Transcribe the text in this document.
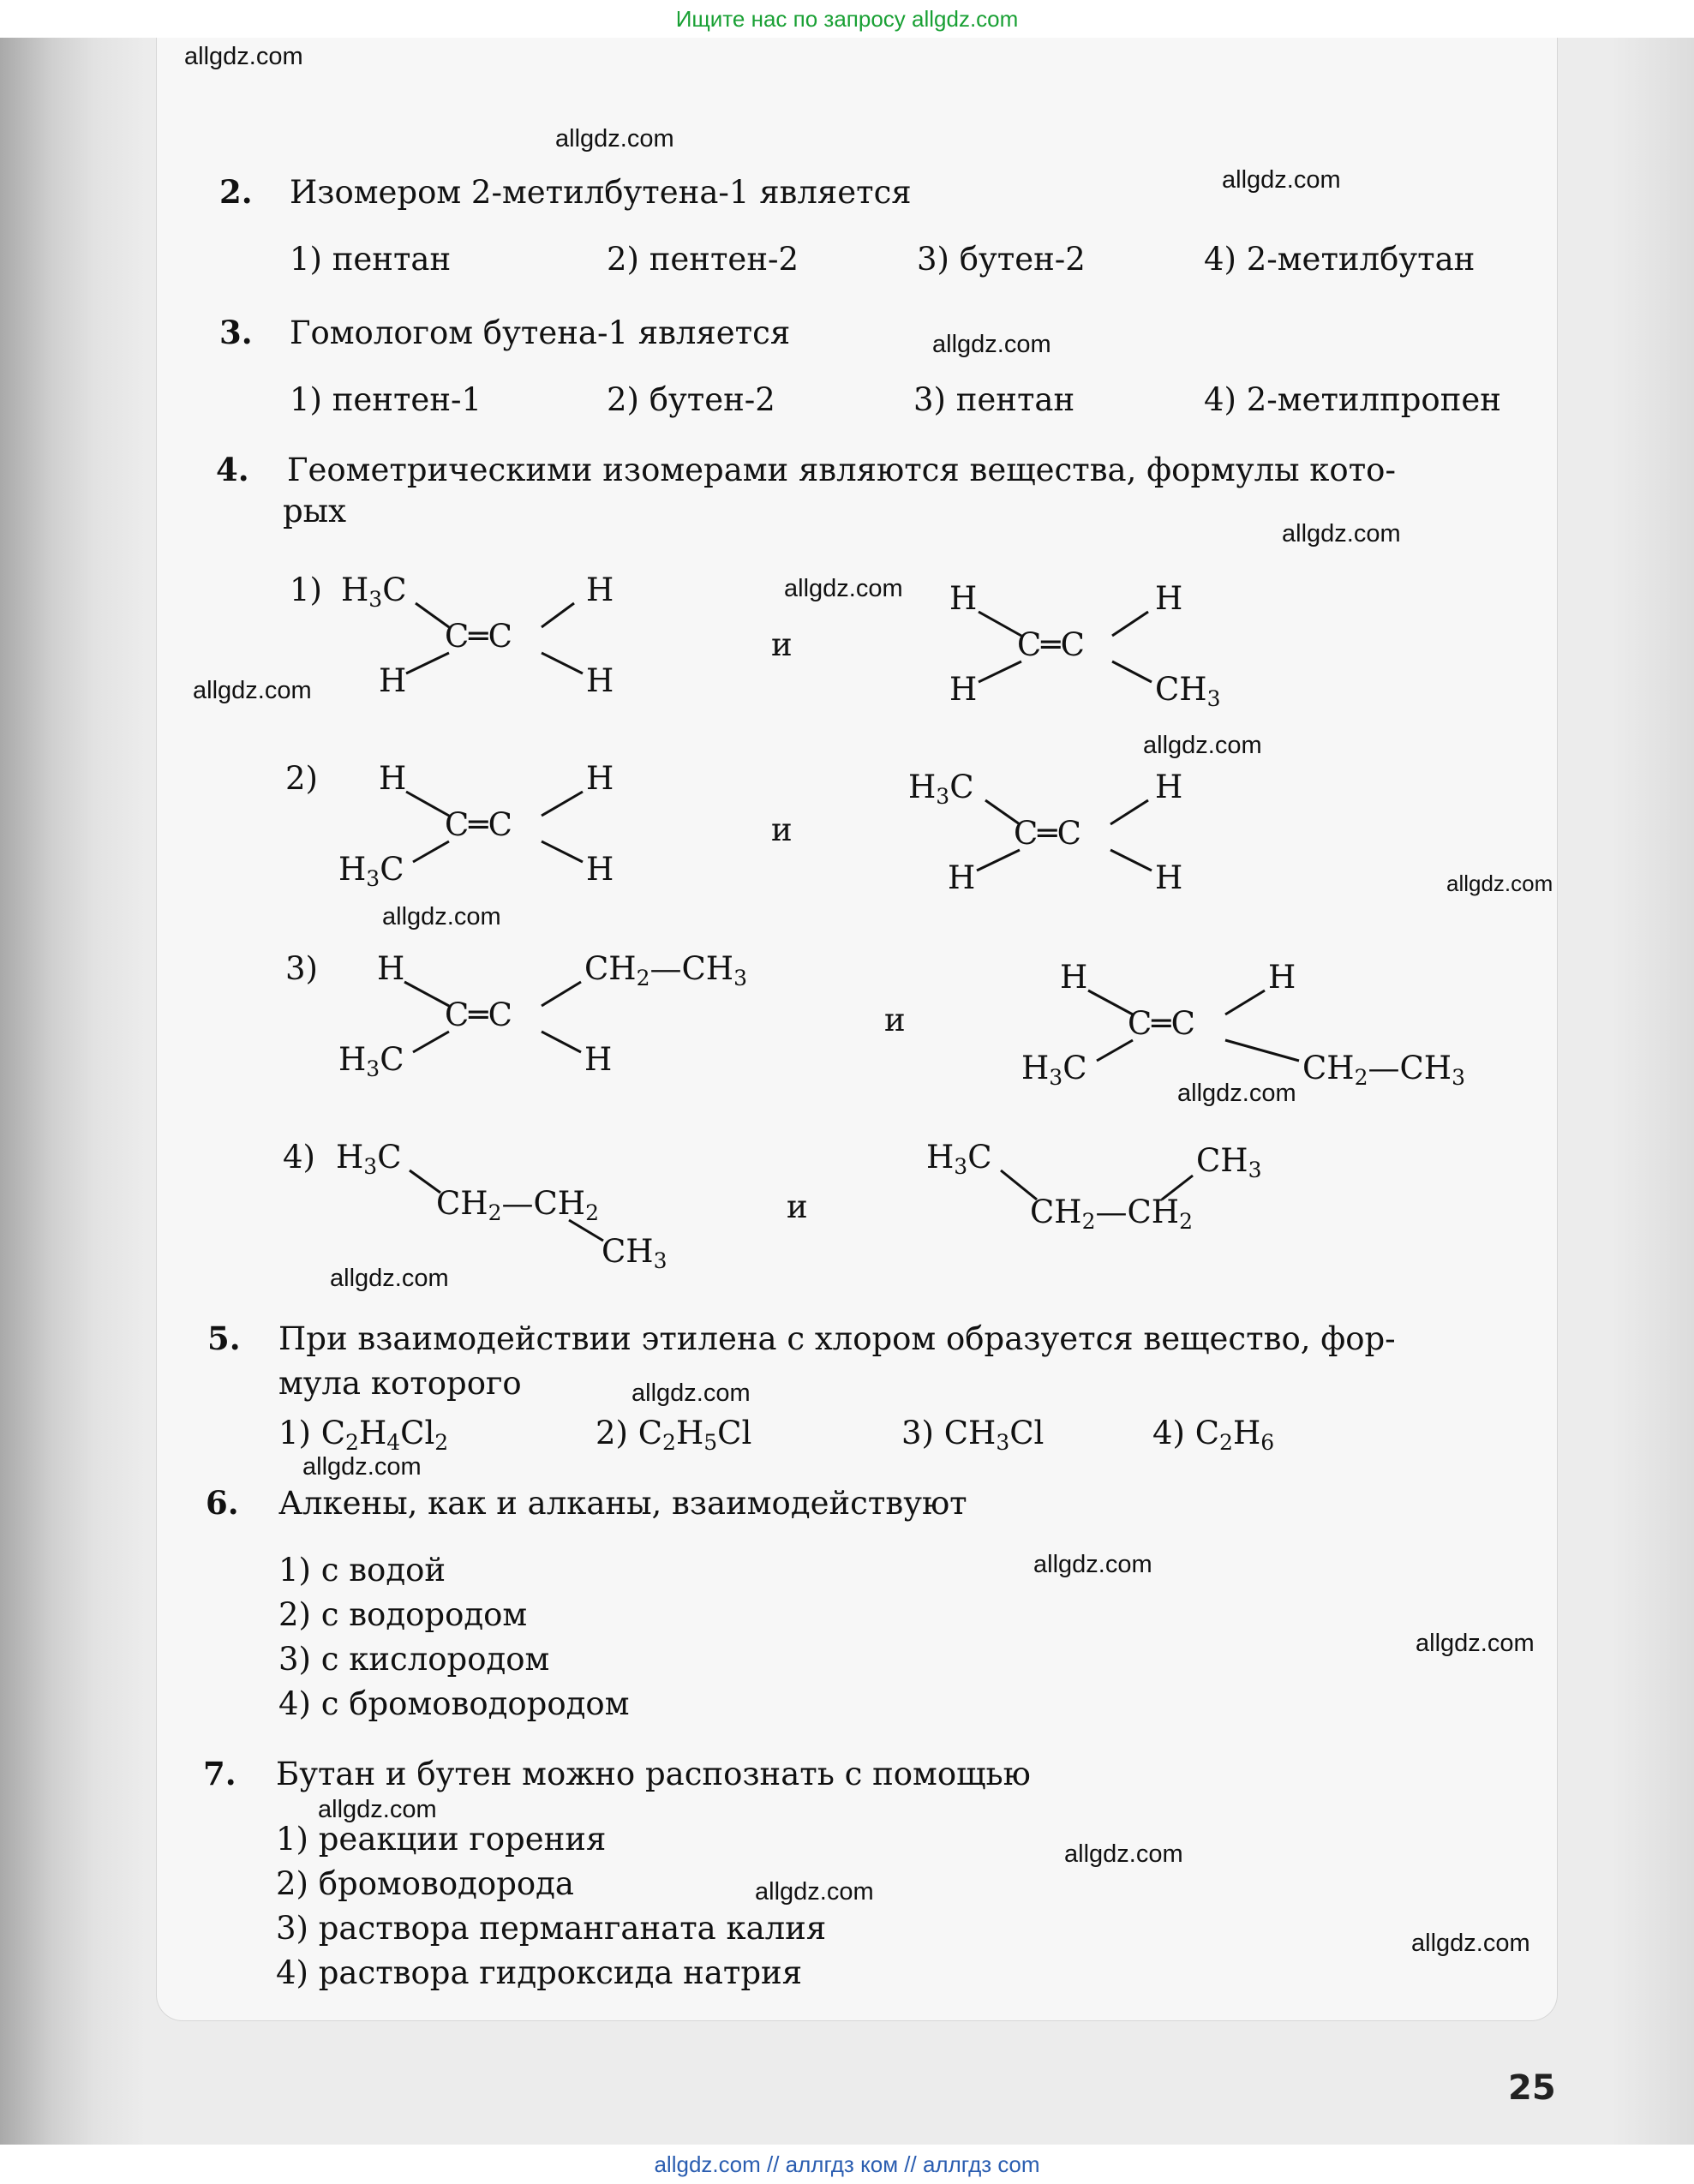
Ищите нас по запросу allgdz.com
allgdz.com
allgdz.com
allgdz.com
allgdz.com
allgdz.com
allgdz.com
allgdz.com
allgdz.com
allgdz.com
allgdz.com
allgdz.com
allgdz.com
allgdz.com
allgdz.com
allgdz.com
allgdz.com
allgdz.com
allgdz.com
allgdz.com
allgdz.com
2. Изомером 2-метилбутена-1 является
1) пентан	2) пентен-2	3) бутен-2	4) 2-метилбутан
3. Гомологом бутена-1 является
1) пентен-1	2) бутен-2	3) пентан	4) 2-метилпропен
4. Геометрическими изомерами являются вещества, формулы кото-
рых
1) $H_3C$	H
C═C
H	H
и
H	H
C═C
H	$CH_3$
2) H	H
C═C
$H_3C$	H
и
$H_3C$	H
C═C
H	H
3) H	$CH_2—CH_3$
C═C
$H_3C$	H
и
H	H
C═C
$H_3C$	$CH_2—CH_3$
4) $H_3C$
$CH_2—CH_2$
$CH_3$
и
$H_3C$	$CH_3$
$CH_2—CH_2$
5. При взаимодействии этилена с хлором образуется вещество, фор-
мула которого
1) $C_2H_4Cl_2$	2) $C_2H_5Cl$	3) $CH_3Cl$	4) $C_2H_6$
6. Алкены, как и алканы, взаимодействуют
1) с водой
2) с водородом
3) с кислородом
4) с бромоводородом
7. Бутан и бутен можно распознать с помощью
1) реакции горения
2) бромоводорода
3) раствора перманганата калия
4) раствора гидроксида натрия
25
allgdz.com // аллгдз ком // аллгдз com
